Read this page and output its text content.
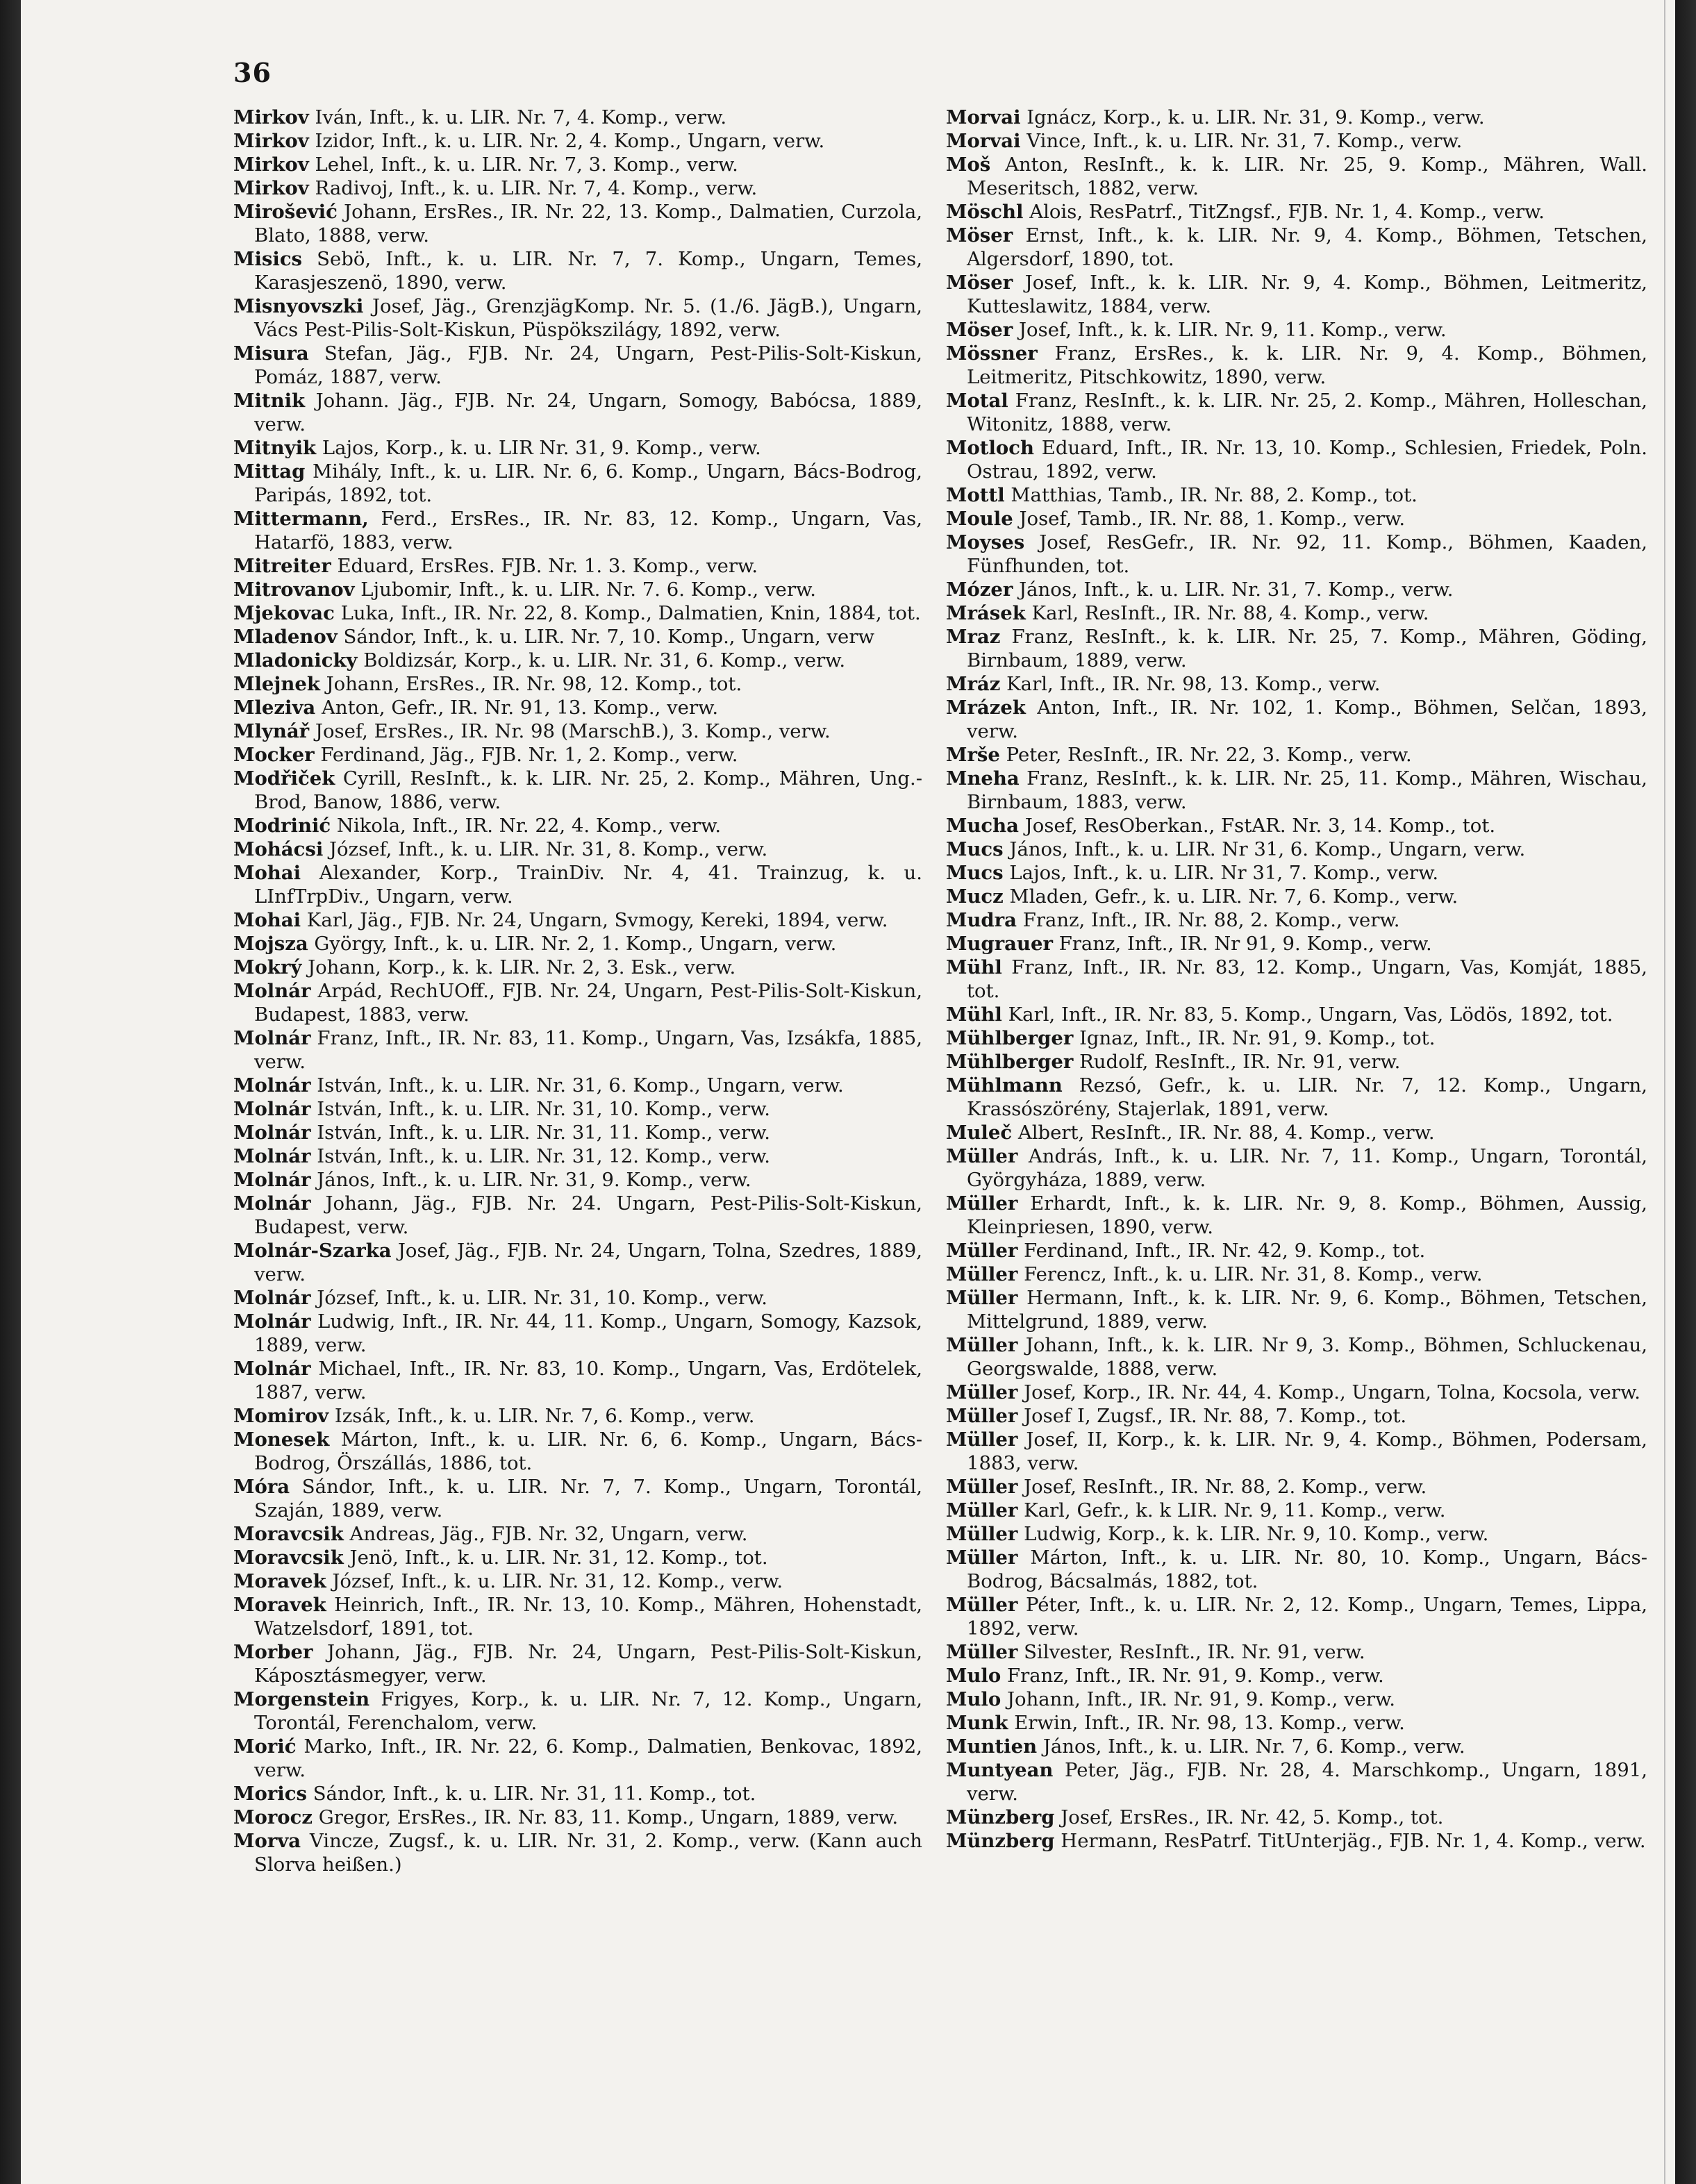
36

Mirkov Iván, Inft., k. u. LIR. Nr. 7, 4. Komp., verw.

Mirkov Izidor, Inft., k. u. LIR. Nr. 2, 4. Komp., Ungarn, verw.

Mirkov Lehel, Inft., k. u. LIR. Nr. 7, 3. Komp., verw.

Mirkov Radivoj, Inft., k. u. LIR. Nr. 7, 4. Komp., verw.

Mirošević Johann, ErsRes., IR. Nr. 22, 13. Komp., Dalmatien, Curzola, Blato, 1888, verw.

Misics Sebö, Inft., k. u. LIR. Nr. 7, 7. Komp., Ungarn, Temes, Karasjeszenö, 1890, verw.

Misnyovszki Josef, Jäg., GrenzjägKomp. Nr. 5. (1./6. JägB.), Ungarn, Vács Pest-Pilis-Solt-Kiskun, Püspökszilágy, 1892, verw.

Misura Stefan, Jäg., FJB. Nr. 24, Ungarn, Pest-Pilis-Solt-Kiskun, Pomáz, 1887, verw.

Mitnik Johann. Jäg., FJB. Nr. 24, Ungarn, Somogy, Babócsa, 1889, verw.

Mitnyik Lajos, Korp., k. u. LIR Nr. 31, 9. Komp., verw.

Mittag Mihály, Inft., k. u. LIR. Nr. 6, 6. Komp., Ungarn, Bács-Bodrog, Paripás, 1892, tot.

Mittermann, Ferd., ErsRes., IR. Nr. 83, 12. Komp., Ungarn, Vas, Hatarfö, 1883, verw.

Mitreiter Eduard, ErsRes. FJB. Nr. 1. 3. Komp., verw.

Mitrovanov Ljubomir, Inft., k. u. LIR. Nr. 7. 6. Komp., verw.

Mjekovac Luka, Inft., IR. Nr. 22, 8. Komp., Dalmatien, Knin, 1884, tot.

Mladenov Sándor, Inft., k. u. LIR. Nr. 7, 10. Komp., Ungarn, verw

Mladonicky Boldizsár, Korp., k. u. LIR. Nr. 31, 6. Komp., verw.

Mlejnek Johann, ErsRes., IR. Nr. 98, 12. Komp., tot.

Mleziva Anton, Gefr., IR. Nr. 91, 13. Komp., verw.

Mlynář Josef, ErsRes., IR. Nr. 98 (MarschB.), 3. Komp., verw.

Mocker Ferdinand, Jäg., FJB. Nr. 1, 2. Komp., verw.

Modřiček Cyrill, ResInft., k. k. LIR. Nr. 25, 2. Komp., Mähren, Ung.-Brod, Banow, 1886, verw.

Modrinić Nikola, Inft., IR. Nr. 22, 4. Komp., verw.

Mohácsi József, Inft., k. u. LIR. Nr. 31, 8. Komp., verw.

Mohai Alexander, Korp., TrainDiv. Nr. 4, 41. Trainzug, k. u. LInfTrpDiv., Ungarn, verw.

Mohai Karl, Jäg., FJB. Nr. 24, Ungarn, Svmogy, Kereki, 1894, verw.

Mojsza György, Inft., k. u. LIR. Nr. 2, 1. Komp., Ungarn, verw.

Mokrý Johann, Korp., k. k. LIR. Nr. 2, 3. Esk., verw.

Molnár Arpád, RechUOff., FJB. Nr. 24, Ungarn, Pest-Pilis-Solt-Kiskun, Budapest, 1883, verw.

Molnár Franz, Inft., IR. Nr. 83, 11. Komp., Ungarn, Vas, Izsákfa, 1885, verw.

Molnár István, Inft., k. u. LIR. Nr. 31, 6. Komp., Ungarn, verw.

Molnár István, Inft., k. u. LIR. Nr. 31, 10. Komp., verw.

Molnár István, Inft., k. u. LIR. Nr. 31, 11. Komp., verw.

Molnár István, Inft., k. u. LIR. Nr. 31, 12. Komp., verw.

Molnár János, Inft., k. u. LIR. Nr. 31, 9. Komp., verw.

Molnár Johann, Jäg., FJB. Nr. 24. Ungarn, Pest-Pilis-Solt-Kiskun, Budapest, verw.

Molnár-Szarka Josef, Jäg., FJB. Nr. 24, Ungarn, Tolna, Szedres, 1889, verw.

Molnár József, Inft., k. u. LIR. Nr. 31, 10. Komp., verw.

Molnár Ludwig, Inft., IR. Nr. 44, 11. Komp., Ungarn, Somogy, Kazsok, 1889, verw.

Molnár Michael, Inft., IR. Nr. 83, 10. Komp., Ungarn, Vas, Erdötelek, 1887, verw.

Momirov Izsák, Inft., k. u. LIR. Nr. 7, 6. Komp., verw.

Monesek Márton, Inft., k. u. LIR. Nr. 6, 6. Komp., Ungarn, Bács-Bodrog, Örszállás, 1886, tot.

Móra Sándor, Inft., k. u. LIR. Nr. 7, 7. Komp., Ungarn, Torontál, Szaján, 1889, verw.

Moravcsik Andreas, Jäg., FJB. Nr. 32, Ungarn, verw.

Moravcsik Jenö, Inft., k. u. LIR. Nr. 31, 12. Komp., tot.

Moravek József, Inft., k. u. LIR. Nr. 31, 12. Komp., verw.

Moravek Heinrich, Inft., IR. Nr. 13, 10. Komp., Mähren, Hohenstadt, Watzelsdorf, 1891, tot.

Morber Johann, Jäg., FJB. Nr. 24, Ungarn, Pest-Pilis-Solt-Kiskun, Káposztásmegyer, verw.

Morgenstein Frigyes, Korp., k. u. LIR. Nr. 7, 12. Komp., Ungarn, Torontál, Ferenchalom, verw.

Morić Marko, Inft., IR. Nr. 22, 6. Komp., Dalmatien, Benkovac, 1892, verw.

Morics Sándor, Inft., k. u. LIR. Nr. 31, 11. Komp., tot.

Morocz Gregor, ErsRes., IR. Nr. 83, 11. Komp., Ungarn, 1889, verw.

Morva Vincze, Zugsf., k. u. LIR. Nr. 31, 2. Komp., verw. (Kann auch Slorva heißen.)

Morvai Ignácz, Korp., k. u. LIR. Nr. 31, 9. Komp., verw.

Morvai Vince, Inft., k. u. LIR. Nr. 31, 7. Komp., verw.

Moš Anton, ResInft., k. k. LIR. Nr. 25, 9. Komp., Mähren, Wall. Meseritsch, 1882, verw.

Möschl Alois, ResPatrf., TitZngsf., FJB. Nr. 1, 4. Komp., verw.

Möser Ernst, Inft., k. k. LIR. Nr. 9, 4. Komp., Böhmen, Tetschen, Algersdorf, 1890, tot.

Möser Josef, Inft., k. k. LIR. Nr. 9, 4. Komp., Böhmen, Leitmeritz, Kutteslawitz, 1884, verw.

Möser Josef, Inft., k. k. LIR. Nr. 9, 11. Komp., verw.

Mössner Franz, ErsRes., k. k. LIR. Nr. 9, 4. Komp., Böhmen, Leitmeritz, Pitschkowitz, 1890, verw.

Motal Franz, ResInft., k. k. LIR. Nr. 25, 2. Komp., Mähren, Holleschan, Witonitz, 1888, verw.

Motloch Eduard, Inft., IR. Nr. 13, 10. Komp., Schlesien, Friedek, Poln. Ostrau, 1892, verw.

Mottl Matthias, Tamb., IR. Nr. 88, 2. Komp., tot.

Moule Josef, Tamb., IR. Nr. 88, 1. Komp., verw.

Moyses Josef, ResGefr., IR. Nr. 92, 11. Komp., Böhmen, Kaaden, Fünfhunden, tot.

Mózer János, Inft., k. u. LIR. Nr. 31, 7. Komp., verw.

Mrásek Karl, ResInft., IR. Nr. 88, 4. Komp., verw.

Mraz Franz, ResInft., k. k. LIR. Nr. 25, 7. Komp., Mähren, Göding, Birnbaum, 1889, verw.

Mráz Karl, Inft., IR. Nr. 98, 13. Komp., verw.

Mrázek Anton, Inft., IR. Nr. 102, 1. Komp., Böhmen, Selčan, 1893, verw.

Mrše Peter, ResInft., IR. Nr. 22, 3. Komp., verw.

Mneha Franz, ResInft., k. k. LIR. Nr. 25, 11. Komp., Mähren, Wischau, Birnbaum, 1883, verw.

Mucha Josef, ResOberkan., FstAR. Nr. 3, 14. Komp., tot.

Mucs János, Inft., k. u. LIR. Nr 31, 6. Komp., Ungarn, verw.

Mucs Lajos, Inft., k. u. LIR. Nr 31, 7. Komp., verw.

Mucz Mladen, Gefr., k. u. LIR. Nr. 7, 6. Komp., verw.

Mudra Franz, Inft., IR. Nr. 88, 2. Komp., verw.

Mugrauer Franz, Inft., IR. Nr 91, 9. Komp., verw.

Mühl Franz, Inft., IR. Nr. 83, 12. Komp., Ungarn, Vas, Komját, 1885, tot.

Mühl Karl, Inft., IR. Nr. 83, 5. Komp., Ungarn, Vas, Lödös, 1892, tot.

Mühlberger Ignaz, Inft., IR. Nr. 91, 9. Komp., tot.

Mühlberger Rudolf, ResInft., IR. Nr. 91, verw.

Mühlmann Rezsó, Gefr., k. u. LIR. Nr. 7, 12. Komp., Ungarn, Krassószörény, Stajerlak, 1891, verw.

Muleč Albert, ResInft., IR. Nr. 88, 4. Komp., verw.

Müller András, Inft., k. u. LIR. Nr. 7, 11. Komp., Ungarn, Torontál, Györgyháza, 1889, verw.

Müller Erhardt, Inft., k. k. LIR. Nr. 9, 8. Komp., Böhmen, Aussig, Kleinpriesen, 1890, verw.

Müller Ferdinand, Inft., IR. Nr. 42, 9. Komp., tot.

Müller Ferencz, Inft., k. u. LIR. Nr. 31, 8. Komp., verw.

Müller Hermann, Inft., k. k. LIR. Nr. 9, 6. Komp., Böhmen, Tetschen, Mittelgrund, 1889, verw.

Müller Johann, Inft., k. k. LIR. Nr 9, 3. Komp., Böhmen, Schluckenau, Georgswalde, 1888, verw.

Müller Josef, Korp., IR. Nr. 44, 4. Komp., Ungarn, Tolna, Kocsola, verw.

Müller Josef I, Zugsf., IR. Nr. 88, 7. Komp., tot.

Müller Josef, II, Korp., k. k. LIR. Nr. 9, 4. Komp., Böhmen, Podersam, 1883, verw.

Müller Josef, ResInft., IR. Nr. 88, 2. Komp., verw.

Müller Karl, Gefr., k. k LIR. Nr. 9, 11. Komp., verw.

Müller Ludwig, Korp., k. k. LIR. Nr. 9, 10. Komp., verw.

Müller Márton, Inft., k. u. LIR. Nr. 80, 10. Komp., Ungarn, Bács-Bodrog, Bácsalmás, 1882, tot.

Müller Péter, Inft., k. u. LIR. Nr. 2, 12. Komp., Ungarn, Temes, Lippa, 1892, verw.

Müller Silvester, ResInft., IR. Nr. 91, verw.

Mulo Franz, Inft., IR. Nr. 91, 9. Komp., verw.

Mulo Johann, Inft., IR. Nr. 91, 9. Komp., verw.

Munk Erwin, Inft., IR. Nr. 98, 13. Komp., verw.

Muntien János, Inft., k. u. LIR. Nr. 7, 6. Komp., verw.

Muntyean Peter, Jäg., FJB. Nr. 28, 4. Marschkomp., Ungarn, 1891, verw.

Münzberg Josef, ErsRes., IR. Nr. 42, 5. Komp., tot.

Münzberg Hermann, ResPatrf. TitUnterjäg., FJB. Nr. 1, 4. Komp., verw.
